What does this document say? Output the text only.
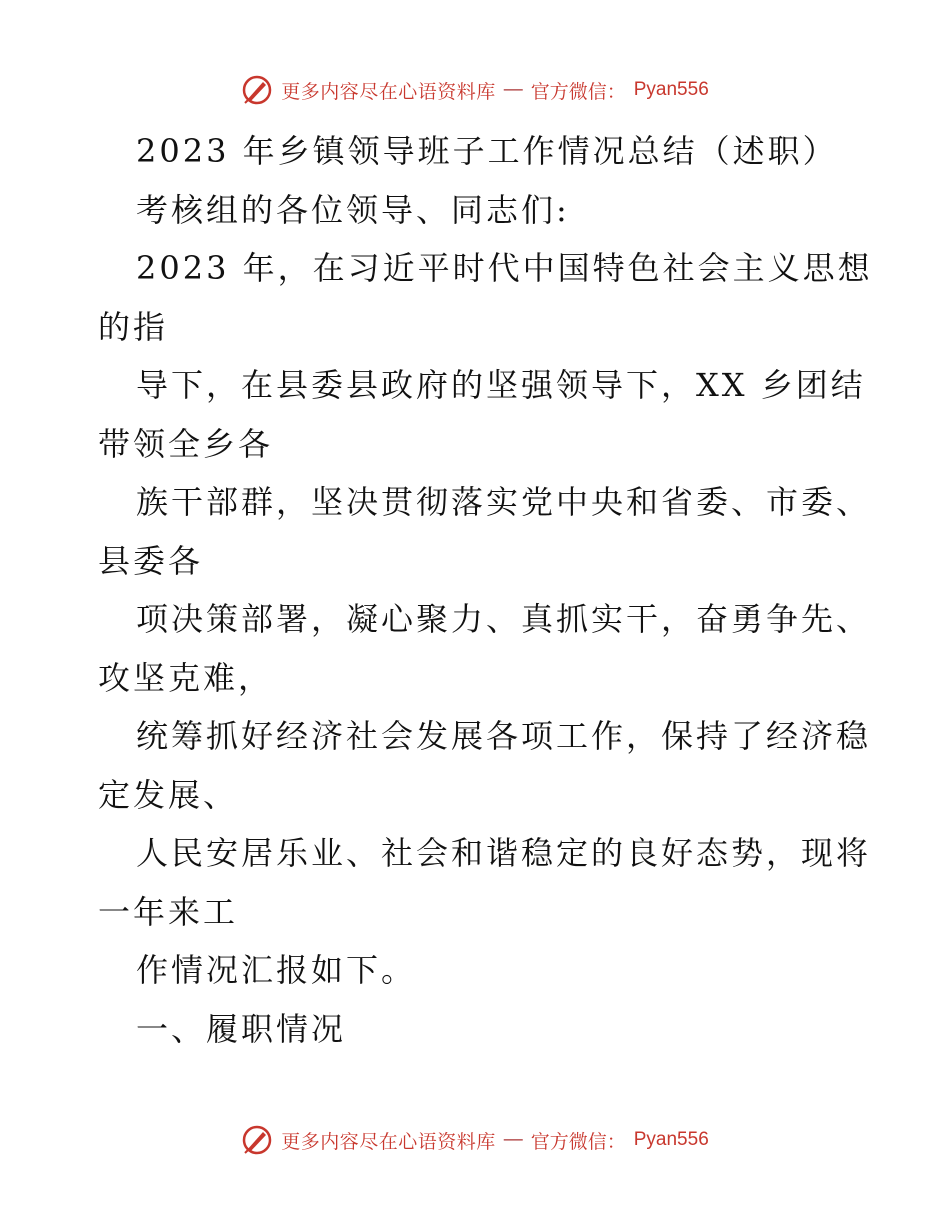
更多内容尽在心语资料库 — 官方微信： Pyan556
2023 年乡镇领导班子工作情况总结（述职）
考核组的各位领导、同志们:
2023 年，在习近平时代中国特色社会主义思想
的指
导下，在县委县政府的坚强领导下，XX 乡团结
带领全乡各
族干部群，坚决贯彻落实党中央和省委、市委、
县委各
项决策部署，凝心聚力、真抓实干，奋勇争先、
攻坚克难，
统筹抓好经济社会发展各项工作，保持了经济稳
定发展、
人民安居乐业、社会和谐稳定的良好态势，现将
一年来工
作情况汇报如下。
一、履职情况
更多内容尽在心语资料库 — 官方微信： Pyan556
